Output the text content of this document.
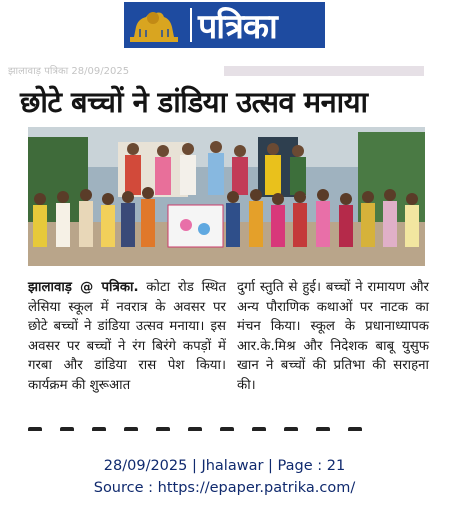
पत्रिका
झालावाड़ पत्रिका 28/09/2025
छोटे बच्चों ने डांडिया उत्सव मनाया
झालावाड़ @ पत्रिका. कोटा रोड स्थित लेसिया स्कूल में नवरात्र के अवसर पर छोटे बच्चों ने डांडिया उत्सव मनाया। इस अवसर पर बच्चों ने रंग बिरंगे कपड़ों में गरबा और डांडिया रास पेश किया। कार्यक्रम की शुरूआत
दुर्गा स्तुति से हुई। बच्चों ने रामायण और अन्य पौराणिक कथाओं पर नाटक का मंचन किया। स्कूल के प्रधानाध्यापक आर.के.मिश्र और निदेशक बाबू युसुफ खान ने बच्चों की प्रतिभा की सराहना की।
28/09/2025 | Jhalawar | Page : 21
Source : https://epaper.patrika.com/
